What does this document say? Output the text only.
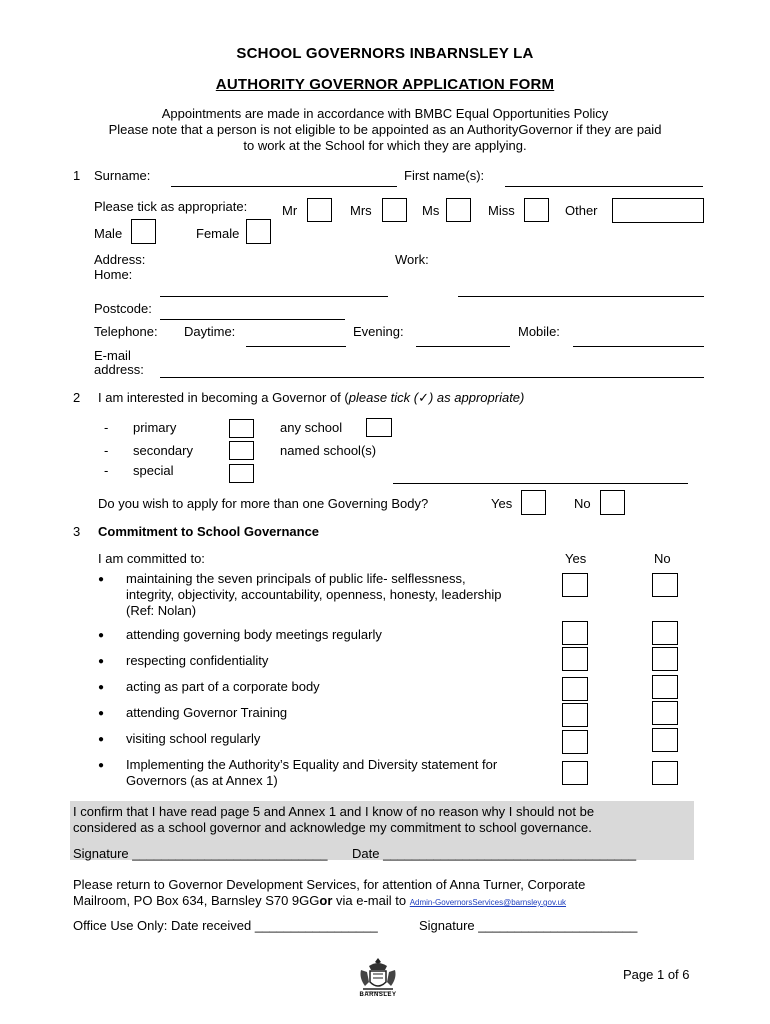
SCHOOL GOVERNORS INBARNSLEY LA
AUTHORITY GOVERNOR APPLICATION FORM
Appointments are made in accordance with BMBC Equal Opportunities Policy
Please note that a person is not eligible to be appointed as an AuthorityGovernor if they are paid
to work at the School for which they are applying.
1 Surname:	First name(s):
Please tick as appropriate:	Mr	Mrs	Ms	Miss	Other
Male	Female
Address:
Home:
Work:
Postcode:
Telephone: Daytime:	Evening:	Mobile:
E-mail
address:
2 I am interested in becoming a Governor of (please tick (✓) as appropriate)
- primary	any school
- secondary	named school(s)
- special
Do you wish to apply for more than one Governing Body?	Yes	No
3 Commitment to School Governance
I am committed to:	Yes	No
● maintaining the seven principals of public life- selflessness,
integrity, objectivity, accountability, openness, honesty, leadership
(Ref: Nolan)
● attending governing body meetings regularly
● respecting confidentiality
● acting as part of a corporate body
● attending Governor Training
● visiting school regularly
● Implementing the Authority’s Equality and Diversity statement for
Governors (as at Annex 1)
I confirm that I have read page 5 and Annex 1 and I know of no reason why I should not be
considered as a school governor and acknowledge my commitment to school governance.
Signature ___________________________ Date ___________________________________
Please return to Governor Development Services, for attention of Anna Turner, Corporate
Mailroom, PO Box 634, Barnsley S70 9GGor via e-mail to Admin-GovernorsServices@barnsley.gov.uk
Office Use Only: Date received _________________	Signature ______________________
BARNSLEY
Page 1 of 6
